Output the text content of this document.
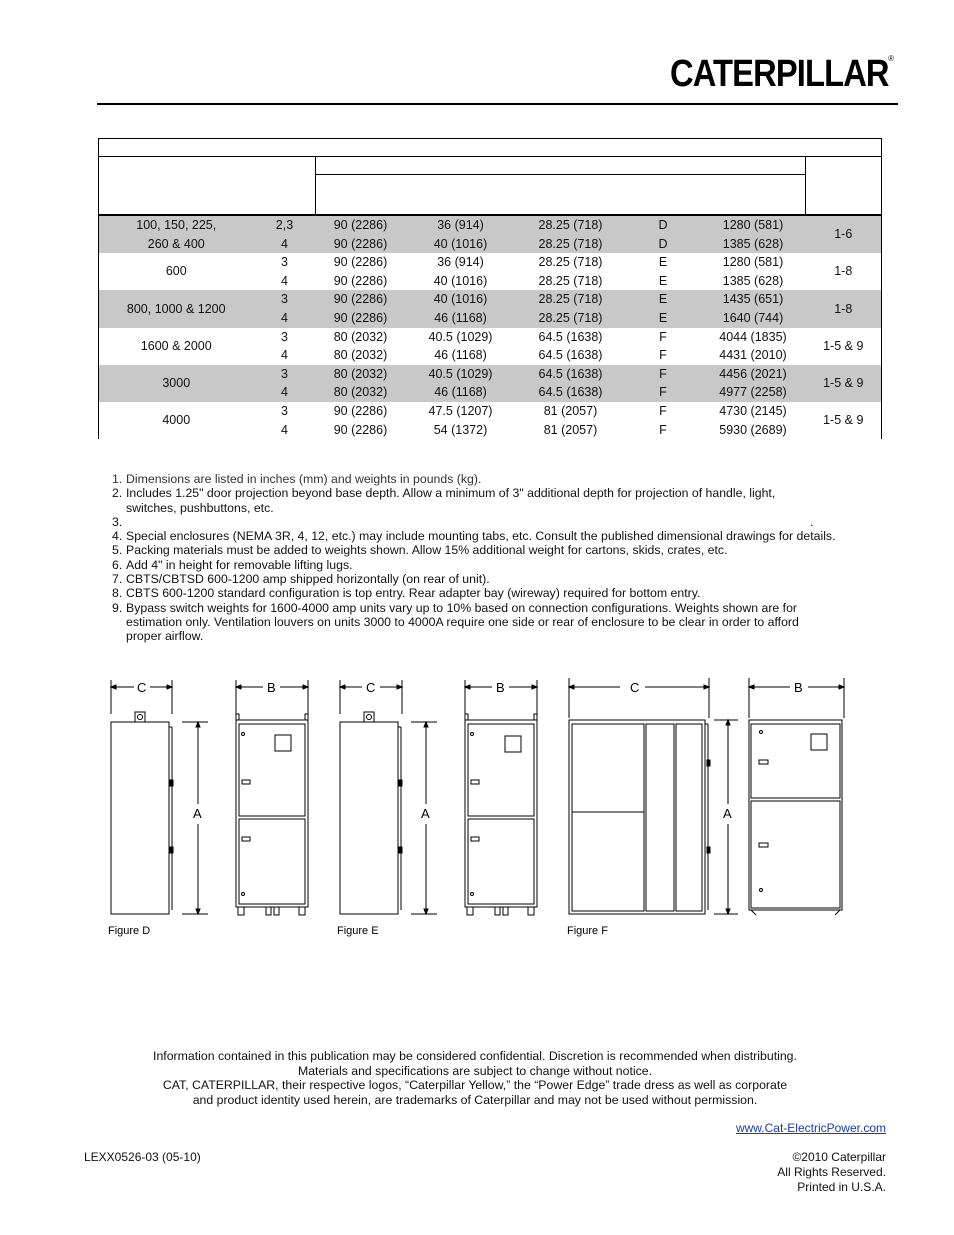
CATERPILLAR ®

100, 150, 225,
260 & 400	2,3	90 (2286)	36 (914)	28.25 (718)	D	1280 (581)	1-6
	4	90 (2286)	40 (1016)	28.25 (718)	D	1385 (628)	

600	3	90 (2286)	36 (914)	28.25 (718)	E	1280 (581)	1-8
	4	90 (2286)	40 (1016)	28.25 (718)	E	1385 (628)	

800, 1000 & 1200	3	90 (2286)	40 (1016)	28.25 (718)	E	1435 (651)	1-8
	4	90 (2286)	46 (1168)	28.25 (718)	E	1640 (744)	

1600 & 2000	3	80 (2032)	40.5 (1029)	64.5 (1638)	F	4044 (1835)	1-5 & 9
	4	80 (2032)	46 (1168)	64.5 (1638)	F	4431 (2010)	

3000	3	80 (2032)	40.5 (1029)	64.5 (1638)	F	4456 (2021)	1-5 & 9
	4	80 (2032)	46 (1168)	64.5 (1638)	F	4977 (2258)	

4000	3	90 (2286)	47.5 (1207)	81 (2057)	F	4730 (2145)	1-5 & 9
	4	90 (2286)	54 (1372)	81 (2057)	F	5930 (2689)	
1. Dimensions are listed in inches (mm) and weights in pounds (kg).
2. Includes 1.25" door projection beyond base depth. Allow a minimum of 3" additional depth for projection of handle, light,
switches, pushbuttons, etc.
3.	.
4. Special enclosures (NEMA 3R, 4, 12, etc.) may include mounting tabs, etc. Consult the published dimensional drawings for details.
5. Packing materials must be added to weights shown. Allow 15% additional weight for cartons, skids, crates, etc.
6. Add 4" in height for removable lifting lugs.
7. CBTS/CBTSD 600-1200 amp shipped horizontally (on rear of unit).
8. CBTS 600-1200 standard configuration is top entry. Rear adapter bay (wireway) required for bottom entry.
9. Bypass switch weights for 1600-4000 amp units vary up to 10% based on connection configurations. Weights shown are for
estimation only. Ventilation louvers on units 3000 to 4000A require one side or rear of enclosure to be clear in order to afford
proper airflow.
C	B
A
C	B
A
C	B
A
Figure D	Figure E	Figure F
Information contained in this publication may be considered confidential. Discretion is recommended when distributing.
Materials and specifications are subject to change without notice.
CAT, CATERPILLAR, their respective logos, “Caterpillar Yellow,” the “Power Edge” trade dress as well as corporate
and product identity used herein, are trademarks of Caterpillar and may not be used without permission.
www.Cat-ElectricPower.com
LEXX0526-03 (05-10)	©2010 Caterpillar
All Rights Reserved.
Printed in U.S.A.
